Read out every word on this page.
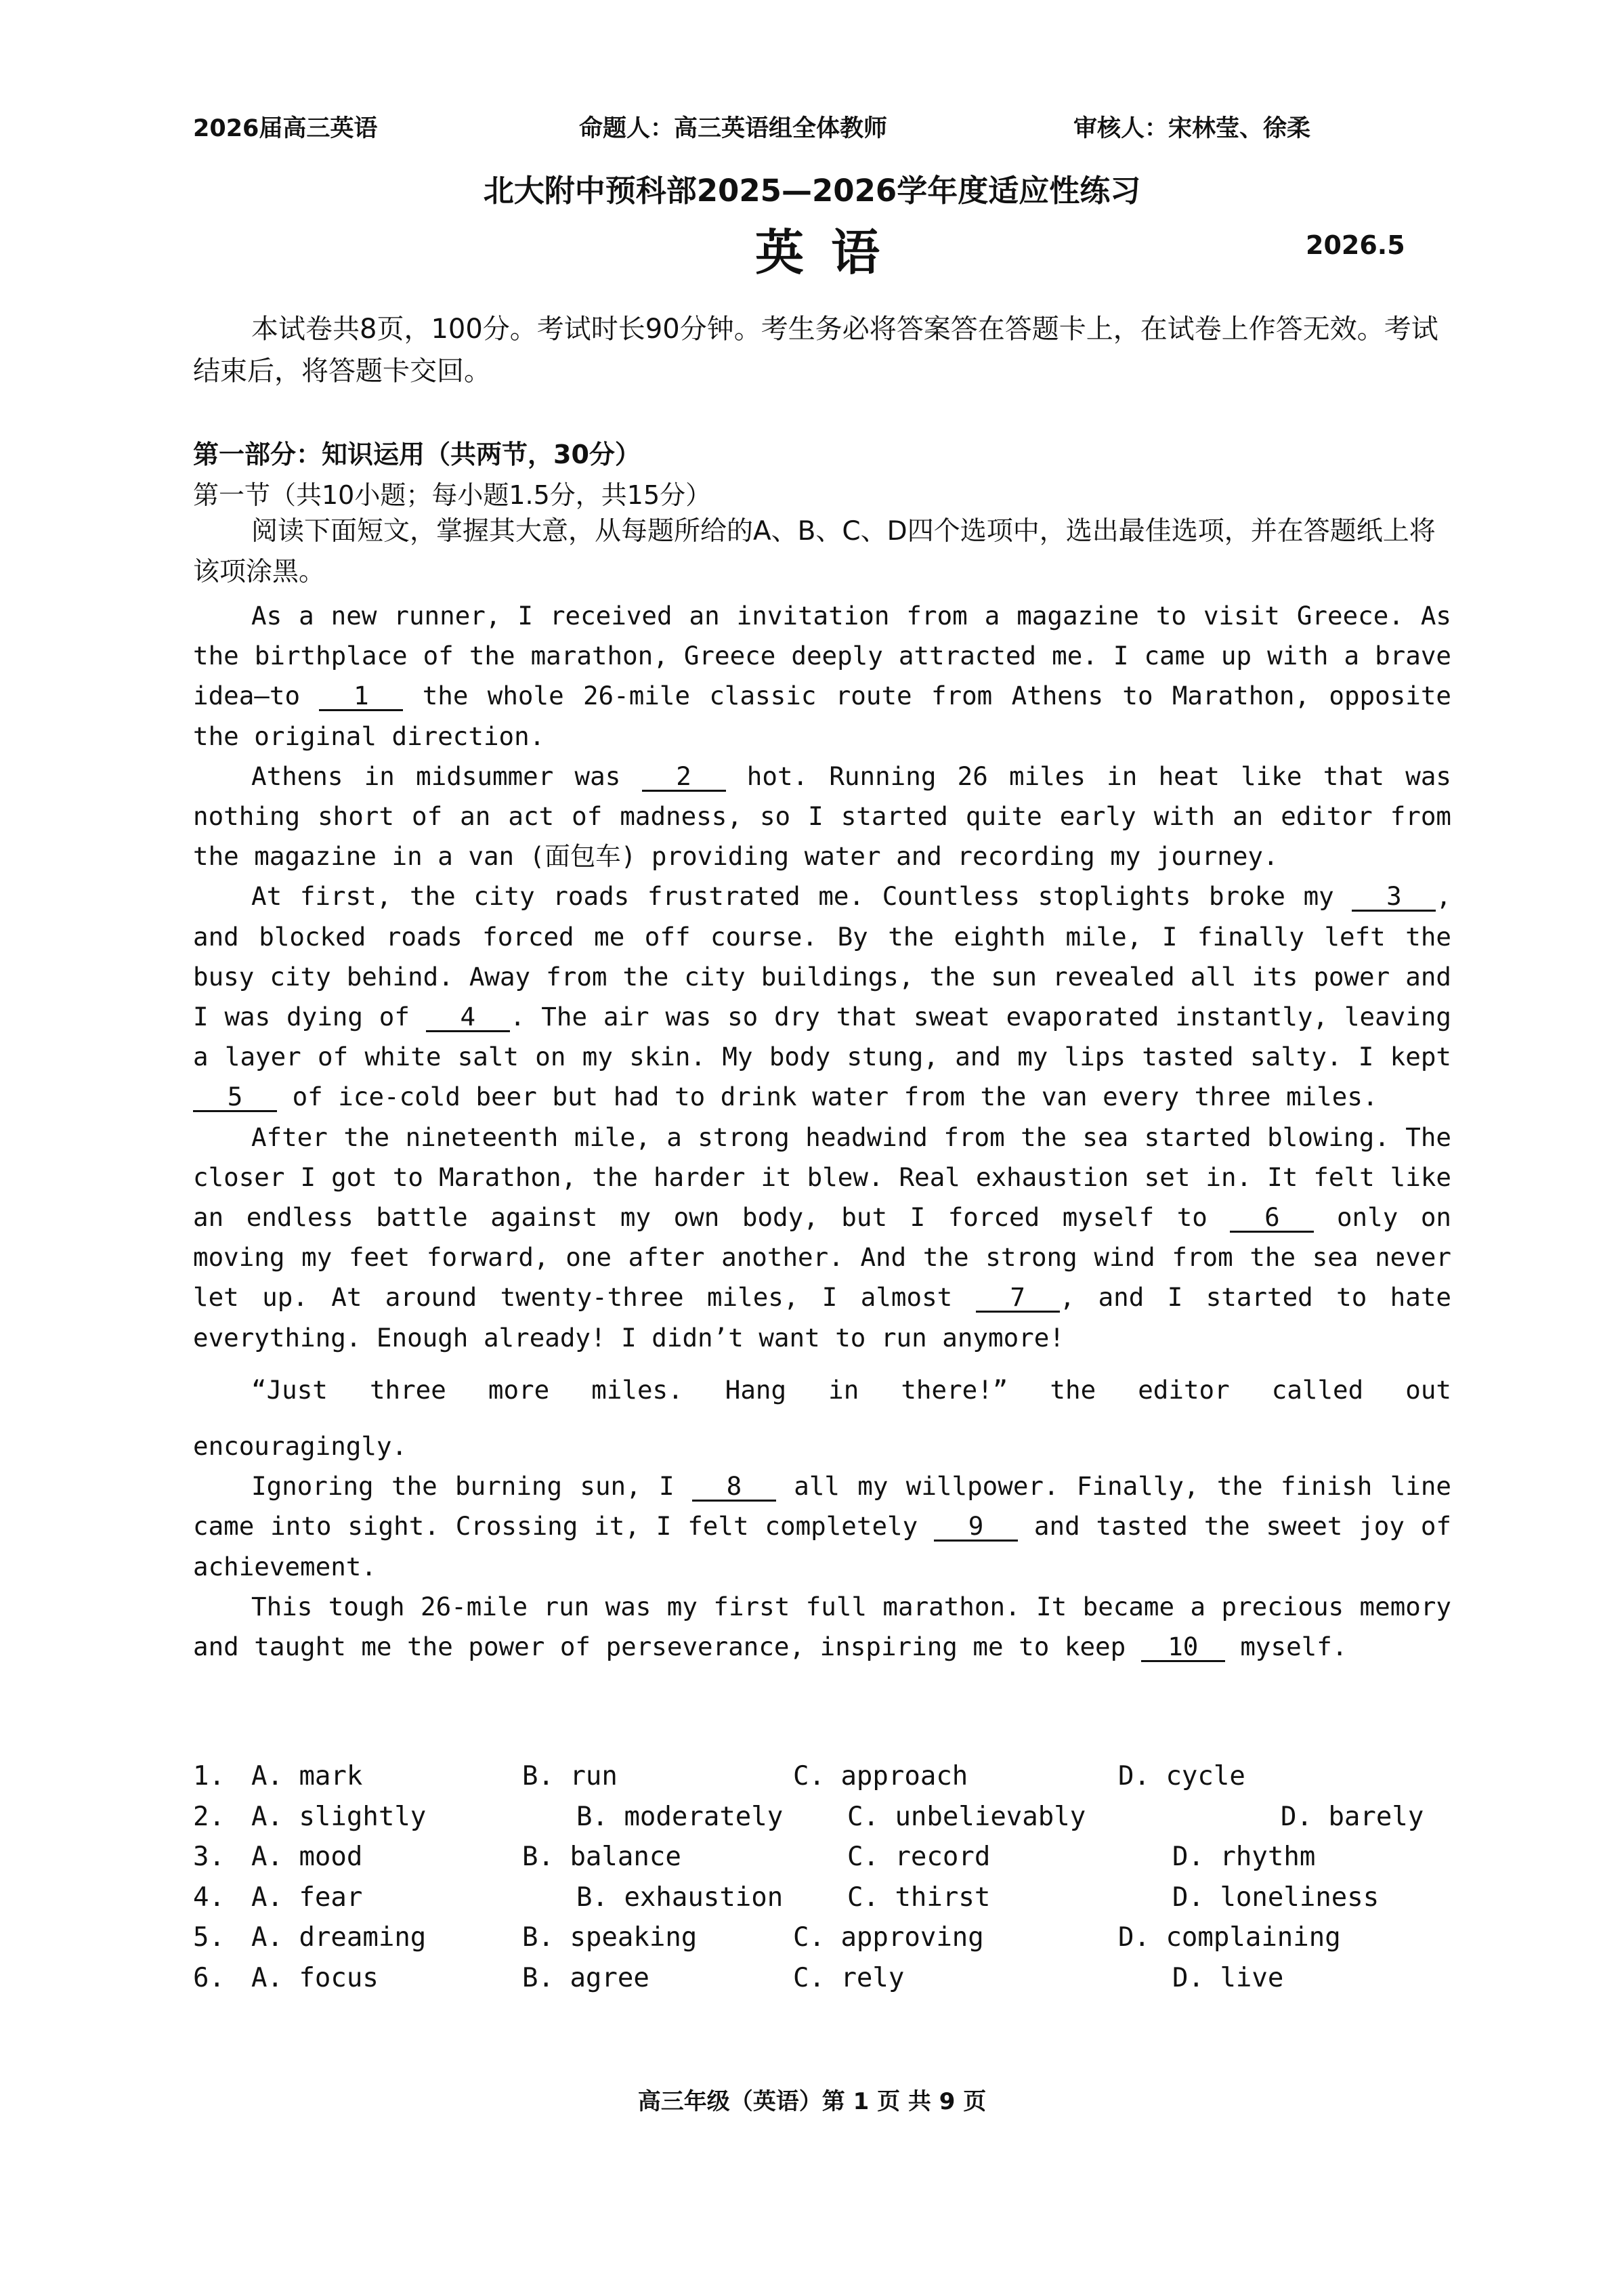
2026届高三英语	命题人：高三英语组全体教师	审核人：宋林莹、徐柔
北大附中预科部2025—2026学年度适应性练习
英语	2026.5
本试卷共8页，100分。考试时长90分钟。考生务必将答案答在答题卡上，在试卷上作答无效。考试结束后，将答题卡交回。
第一部分：知识运用（共两节，30分）
第一节（共10小题；每小题1.5分，共15分）
阅读下面短文，掌握其大意，从每题所给的A、B、C、D四个选项中，选出最佳选项，并在答题纸上将该项涂黑。

As a new runner, I received an invitation from a magazine to visit Greece. As the birthplace of the marathon, Greece deeply attracted me. I came up with a brave idea—to 1 the whole 26-mile classic route from Athens to Marathon, opposite the original direction.

Athens in midsummer was 2 hot. Running 26 miles in heat like that was nothing short of an act of madness, so I started quite early with an editor from the magazine in a van (面包车) providing water and recording my journey.

At first, the city roads frustrated me. Countless stoplights broke my 3 , and blocked roads forced me off course. By the eighth mile, I finally left the busy city behind. Away from the city buildings, the sun revealed all its power and I was dying of 4 . The air was so dry that sweat evaporated instantly, leaving a layer of white salt on my skin. My body stung, and my lips tasted salty. I kept 5 of ice-cold beer but had to drink water from the van every three miles.

After the nineteenth mile, a strong headwind from the sea started blowing. The closer I got to Marathon, the harder it blew. Real exhaustion set in. It felt like an endless battle against my own body, but I forced myself to 6 only on moving my feet forward, one after another. And the strong wind from the sea never let up. At around twenty-three miles, I almost 7 , and I started to hate everything. Enough already! I didn’t want to run anymore!

“Just three more miles. Hang in there!” the editor called out

encouragingly.

Ignoring the burning sun, I 8 all my willpower. Finally, the finish line came into sight. Crossing it, I felt completely 9 and tasted the sweet joy of achievement.

This tough 26-mile run was my first full marathon. It became a precious memory and taught me the power of perseverance, inspiring me to keep 10 myself.

1. A. mark	B. run	C. approach	D. cycle
2. A. slightly	B. moderately C. unbelievably	D. barely
3. A. mood	B. balance	C. record	D. rhythm
4. A. fear	B. exhaustion C. thirst	D. loneliness
5. A. dreaming	B. speaking	C. approving	D. complaining
6. A. focus	B. agree	C. rely	D. live
高三年级（英语）第 1 页 共 9 页
